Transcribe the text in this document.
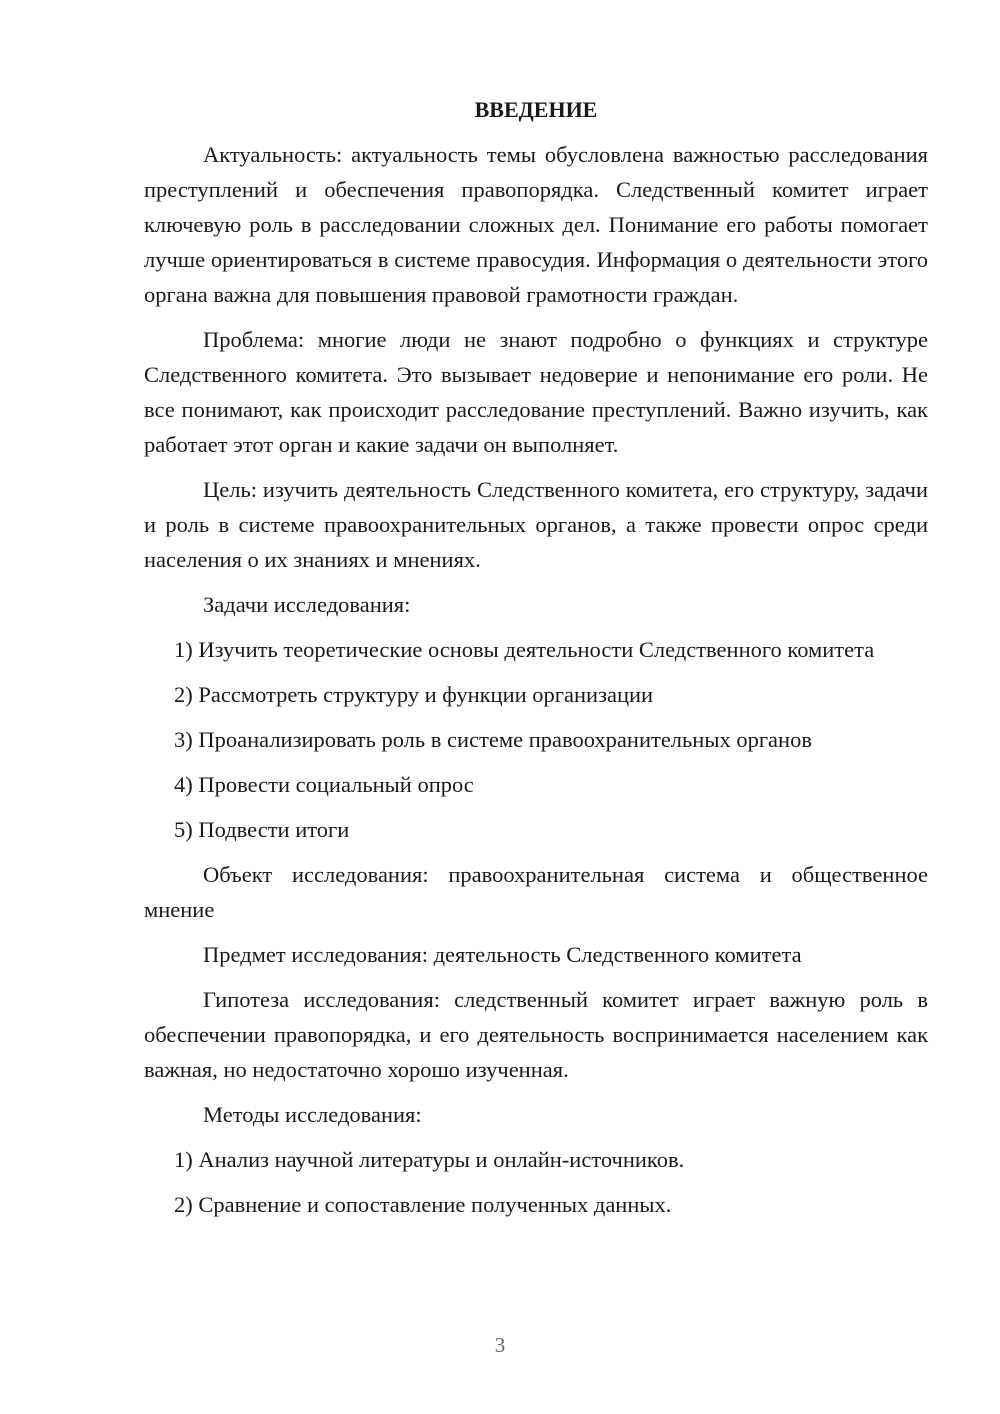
ВВЕДЕНИЕ

Актуальность: актуальность темы обусловлена важностью расследования преступлений и обеспечения правопорядка. Следственный комитет играет ключевую роль в расследовании сложных дел. Понимание его работы помогает лучше ориентироваться в системе правосудия. Информация о деятельности этого органа важна для повышения правовой грамотности граждан.

Проблема: многие люди не знают подробно о функциях и структуре Следственного комитета. Это вызывает недоверие и непонимание его роли. Не все понимают, как происходит расследование преступлений. Важно изучить, как работает этот орган и какие задачи он выполняет.

Цель: изучить деятельность Следственного комитета, его структуру, задачи и роль в системе правоохранительных органов, а также провести опрос среди населения о их знаниях и мнениях.

Задачи исследования:

1) Изучить теоретические основы деятельности Следственного комитета

2) Рассмотреть структуру и функции организации

3) Проанализировать роль в системе правоохранительных органов

4) Провести социальный опрос

5) Подвести итоги

Объект исследования: правоохранительная система и общественное мнение

Предмет исследования: деятельность Следственного комитета

Гипотеза исследования: следственный комитет играет важную роль в обеспечении правопорядка, и его деятельность воспринимается населением как важная, но недостаточно хорошо изученная.

Методы исследования:

1) Анализ научной литературы и онлайн-источников.

2) Сравнение и сопоставление полученных данных.

3
